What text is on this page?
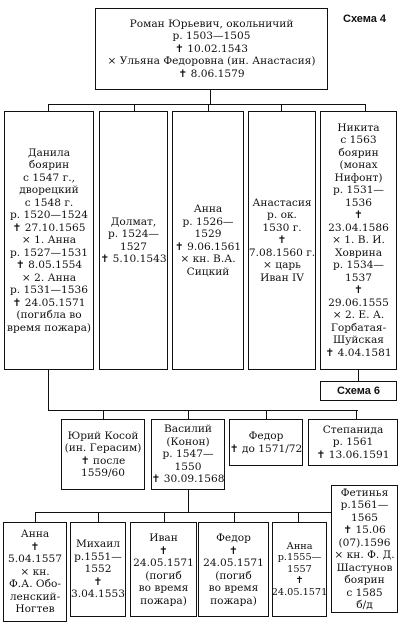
Схема 4
Роман Юрьевич, окольничий
р. 1503—1505
✝ 10.02.1543
× Ульяна Федоровна (ин. Анастасия)
✝ 8.06.1579
Данила
боярин
с 1547 г.,
дворецкий
с 1548 г.
р. 1520—1524
✝ 27.10.1565
× 1. Анна
р. 1527—1531
✝ 8.05.1554
× 2. Анна
р. 1531—1536
✝ 24.05.1571
(погибла во
время пожара)
Долмат,
р. 1524—
1527
✝ 5.10.1543
Анна
р. 1526—
1529
✝ 9.06.1561
× кн. В.А.
Сицкий
Анастасия
р. ок.
1530 г.
✝
7.08.1560 г.
× царь
Иван IV
Никита
с 1563
боярин
(монах
Нифонт)
р. 1531—
1536
✝
23.04.1586
× 1. В. И.
Ховрина
р. 1534—
1537
✝
29.06.1555
× 2. Е. А.
Горбатая-
Шуйская
✝ 4.04.1581
Схема 6
Юрий Косой
(ин. Герасим)
✝ после
1559/60
Василий
(Конон)
р. 1547—
1550
✝ 30.09.1568
Федор
✝ до 1571/72
Степанида
р. 1561
✝ 13.06.1591
Анна
✝
5.04.1557
× кн.
Ф.А. Обо-
ленский-
Ногтев
Михаил
р.1551—
1552
✝
3.04.1553
Иван
✝
24.05.1571
(погиб
во время
пожара)
Федор
✝
24.05.1571
(погиб
во время
пожара)
Анна
р.1555—
1557
✝
24.05.1571
Фетинья
р.1561—
1565
✝ 15.06
(07).1596
× кн. Ф. Д.
Шастунов
боярин
с 1585
б/д
